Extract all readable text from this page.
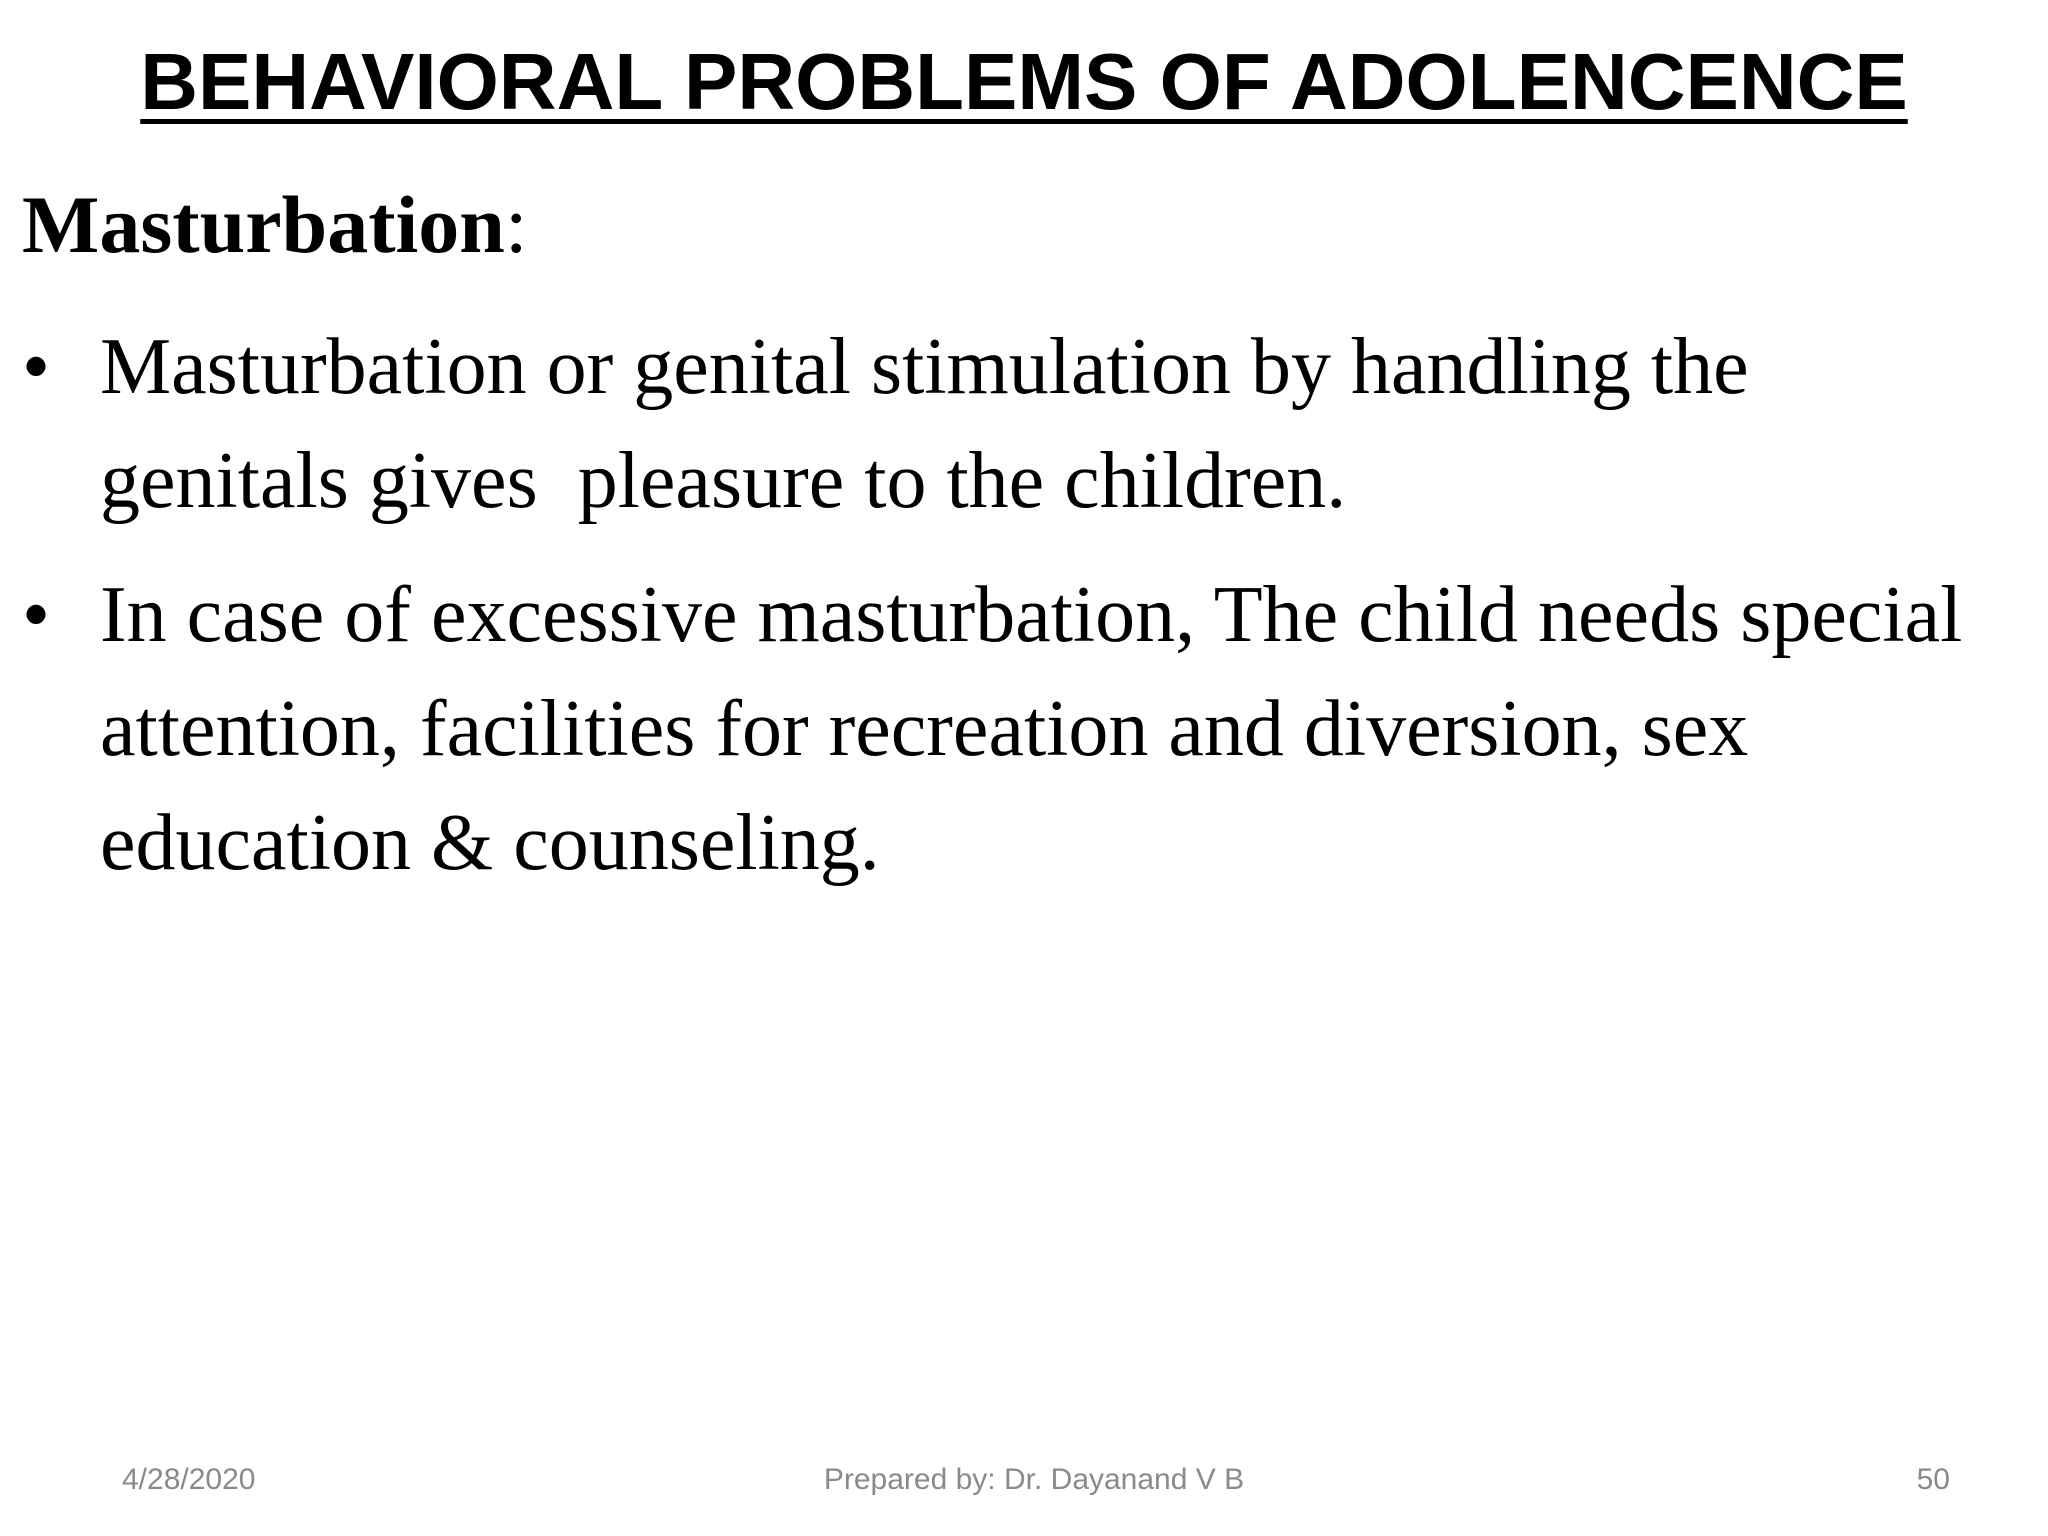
BEHAVIORAL PROBLEMS OF ADOLENCENCE
Masturbation:
• Masturbation or genital stimulation by handling the genitals gives  pleasure to the children.
• In case of excessive masturbation, The child needs special attention, facilities for recreation and diversion, sex education & counseling.
4/28/2020	Prepared by: Dr. Dayanand V B	50
